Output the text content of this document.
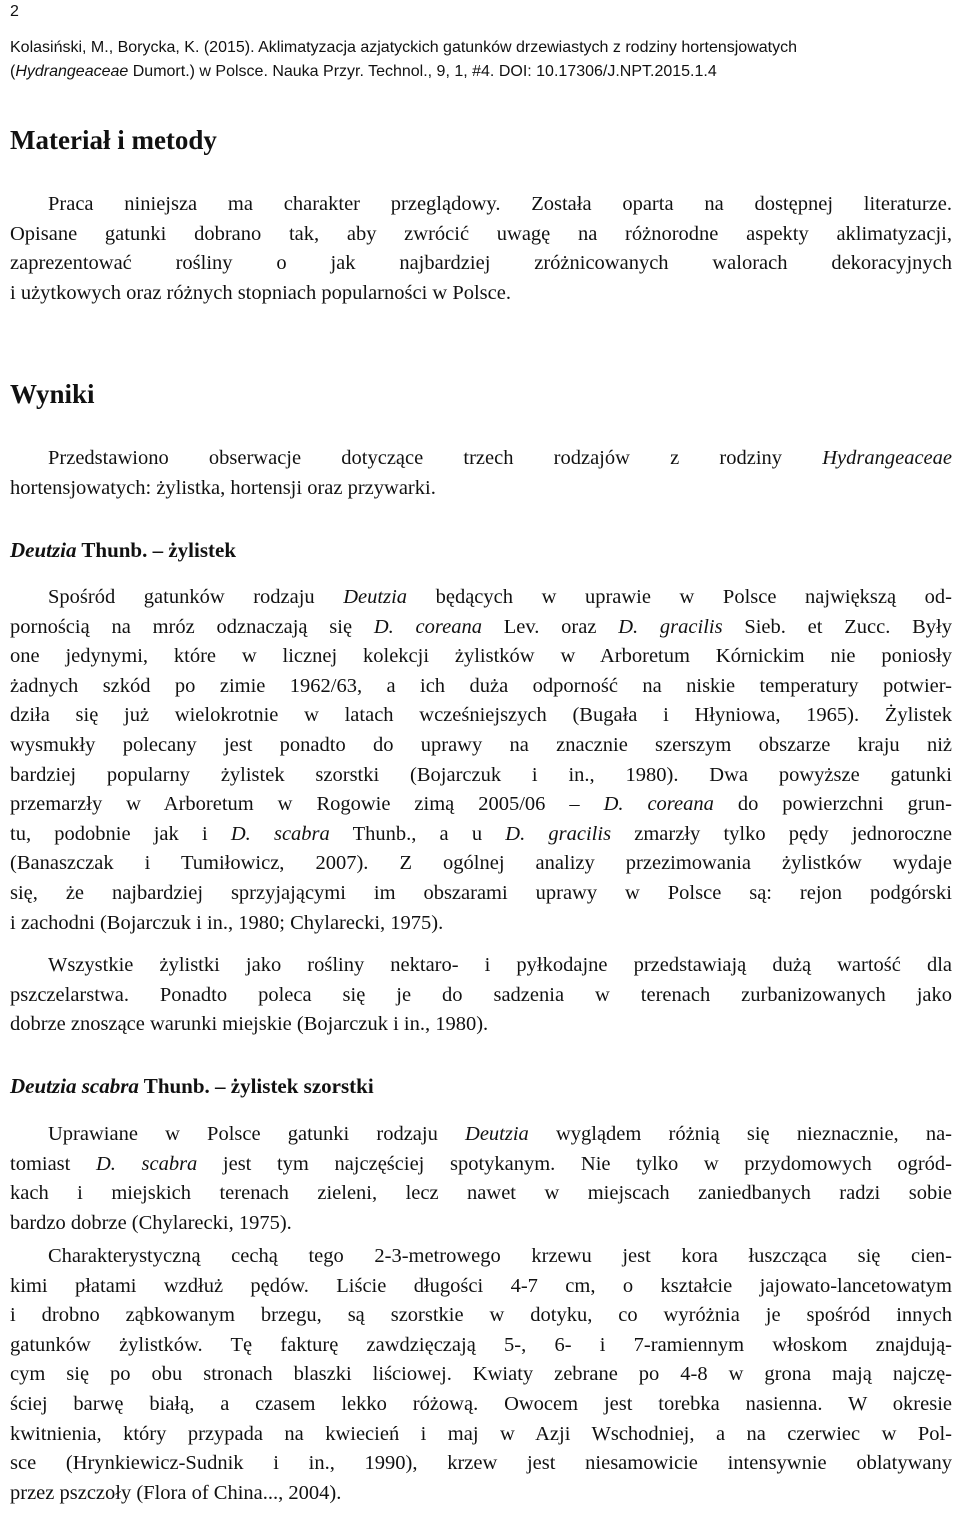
2
Kolasiński, M., Borycka, K. (2015). Aklimatyzacja azjatyckich gatunków drzewiastych z rodziny hortensjowatych
(Hydrangeaceae Dumort.) w Polsce. Nauka Przyr. Technol., 9, 1, #4. DOI: 10.17306/J.NPT.2015.1.4
Materiał i metody
Praca niniejsza ma charakter przeglądowy. Została oparta na dostępnej literaturze.
Opisane gatunki dobrano tak, aby zwrócić uwagę na różnorodne aspekty aklimatyzacji,
zaprezentować rośliny o jak najbardziej zróżnicowanych walorach dekoracyjnych
i użytkowych oraz różnych stopniach popularności w Polsce.
Wyniki
Przedstawiono obserwacje dotyczące trzech rodzajów z rodziny Hydrangeaceae
hortensjowatych: żylistka, hortensji oraz przywarki.
Deutzia Thunb. – żylistek
Spośród gatunków rodzaju Deutzia będących w uprawie w Polsce największą od-
pornością na mróz odznaczają się D. coreana Lev. oraz D. gracilis Sieb. et Zucc. Były
one jedynymi, które w licznej kolekcji żylistków w Arboretum Kórnickim nie poniosły
żadnych szkód po zimie 1962/63, a ich duża odporność na niskie temperatury potwier-
dziła się już wielokrotnie w latach wcześniejszych (Bugała i Hłyniowa, 1965). Żylistek
wysmukły polecany jest ponadto do uprawy na znacznie szerszym obszarze kraju niż
bardziej popularny żylistek szorstki (Bojarczuk i in., 1980). Dwa powyższe gatunki
przemarzły w Arboretum w Rogowie zimą 2005/06 – D. coreana do powierzchni grun-
tu, podobnie jak i D. scabra Thunb., a u D. gracilis zmarzły tylko pędy jednoroczne
(Banaszczak i Tumiłowicz, 2007). Z ogólnej analizy przezimowania żylistków wydaje
się, że najbardziej sprzyjającymi im obszarami uprawy w Polsce są: rejon podgórski
i zachodni (Bojarczuk i in., 1980; Chylarecki, 1975).
Wszystkie żylistki jako rośliny nektaro- i pyłkodajne przedstawiają dużą wartość dla
pszczelarstwa. Ponadto poleca się je do sadzenia w terenach zurbanizowanych jako
dobrze znoszące warunki miejskie (Bojarczuk i in., 1980).
Deutzia scabra Thunb. – żylistek szorstki
Uprawiane w Polsce gatunki rodzaju Deutzia wyglądem różnią się nieznacznie, na-
tomiast D. scabra jest tym najczęściej spotykanym. Nie tylko w przydomowych ogród-
kach i miejskich terenach zieleni, lecz nawet w miejscach zaniedbanych radzi sobie
bardzo dobrze (Chylarecki, 1975).
Charakterystyczną cechą tego 2-3-metrowego krzewu jest kora łuszcząca się cien-
kimi płatami wzdłuż pędów. Liście długości 4-7 cm, o kształcie jajowato-lancetowatym
i drobno ząbkowanym brzegu, są szorstkie w dotyku, co wyróżnia je spośród innych
gatunków żylistków. Tę fakturę zawdzięczają 5-, 6- i 7-ramiennym włoskom znajdują-
cym się po obu stronach blaszki liściowej. Kwiaty zebrane po 4-8 w grona mają najczę-
ściej barwę białą, a czasem lekko różową. Owocem jest torebka nasienna. W okresie
kwitnienia, który przypada na kwiecień i maj w Azji Wschodniej, a na czerwiec w Pol-
sce (Hrynkiewicz-Sudnik i in., 1990), krzew jest niesamowicie intensywnie oblatywany
przez pszczoły (Flora of China..., 2004).
